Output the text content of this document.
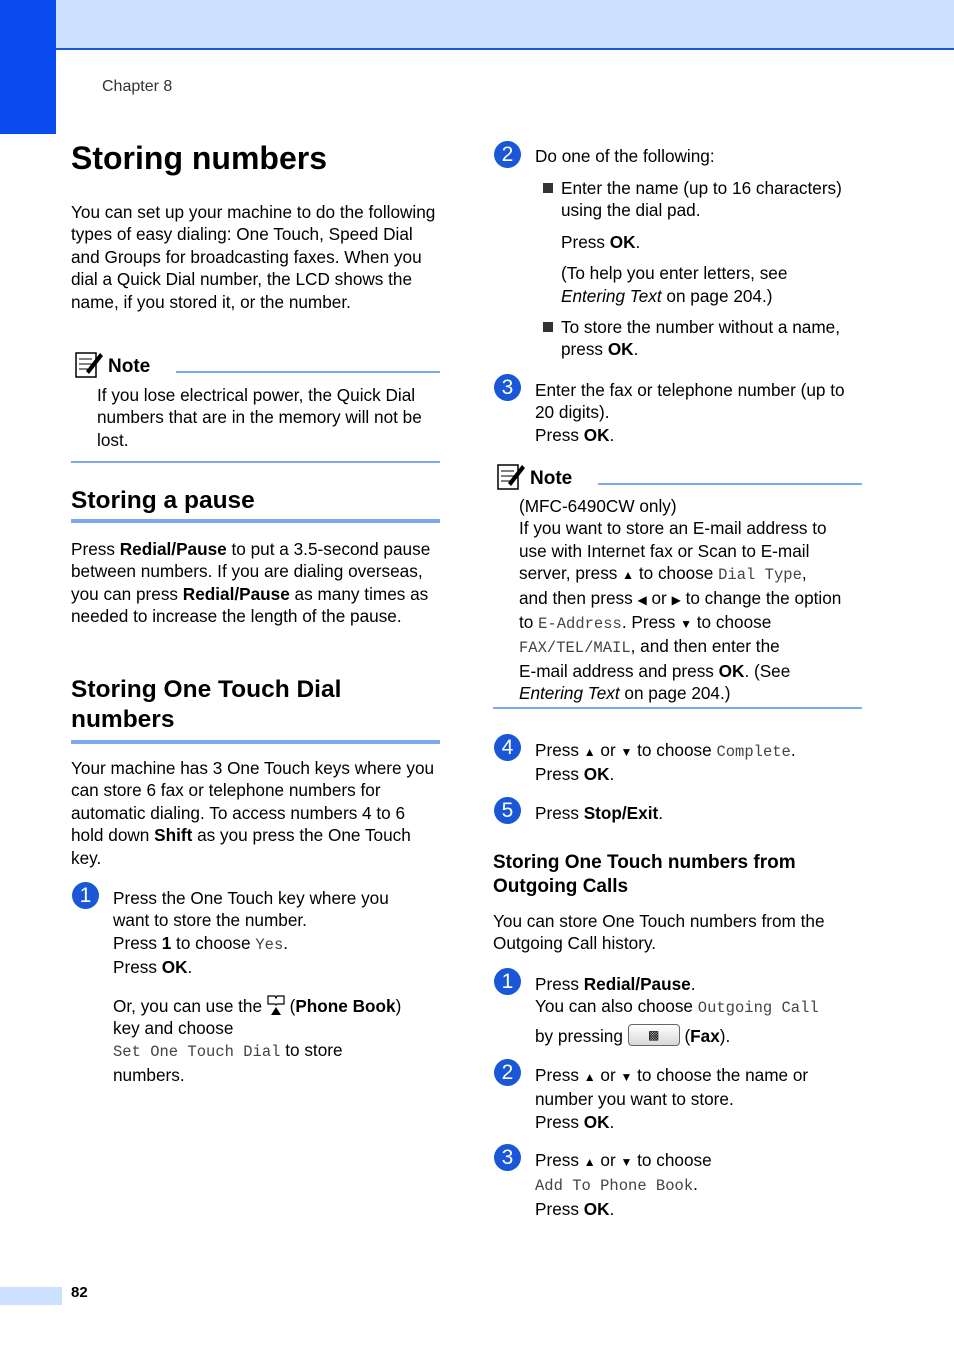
Chapter 8
Storing numbers

You can set up your machine to do the following types of easy dialing: One Touch, Speed Dial and Groups for broadcasting faxes. When you dial a Quick Dial number, the LCD shows the name, if you stored it, or the number.

Note

If you lose electrical power, the Quick Dial numbers that are in the memory will not be lost.

Storing a pause

Press Redial/Pause to put a 3.5-second pause between numbers. If you are dialing overseas, you can press Redial/Pause as many times as needed to increase the length of the pause.

Storing One Touch Dial
numbers

Your machine has 3 One Touch keys where you can store 6 fax or telephone numbers for automatic dialing. To access numbers 4 to 6 hold down Shift as you press the One Touch key.

1	Press the One Touch key where you
want to store the number.
Press 1 to choose Yes.
Press OK.
Or, you can use the  (Phone Book)
key and choose
Set One Touch Dial to store
numbers.
2	Do one of the following:
Enter the name (up to 16 characters)
using the dial pad.
Press OK.
(To help you enter letters, see
Entering Text on page 204.)
To store the number without a name,
press OK.
3	Enter the fax or telephone number (up to
20 digits).
Press OK.
Note
(MFC-6490CW only)
If you want to store an E-mail address to
use with Internet fax or Scan to E-mail
server, press ▲ to choose Dial Type,
and then press ◀ or ▶ to change the option
to E-Address. Press ▼ to choose
FAX/TEL/MAIL, and then enter the
E-mail address and press OK. (See
Entering Text on page 204.)
4	Press ▲ or ▼ to choose Complete.
Press OK.
5	Press Stop/Exit.
Storing One Touch numbers from
Outgoing Calls

You can store One Touch numbers from the Outgoing Call history.

1	Press Redial/Pause.
You can also choose Outgoing Call
by pressing ▩ (Fax).
2	Press ▲ or ▼ to choose the name or
number you want to store.
Press OK.
3	Press ▲ or ▼ to choose
Add To Phone Book.
Press OK.
82
